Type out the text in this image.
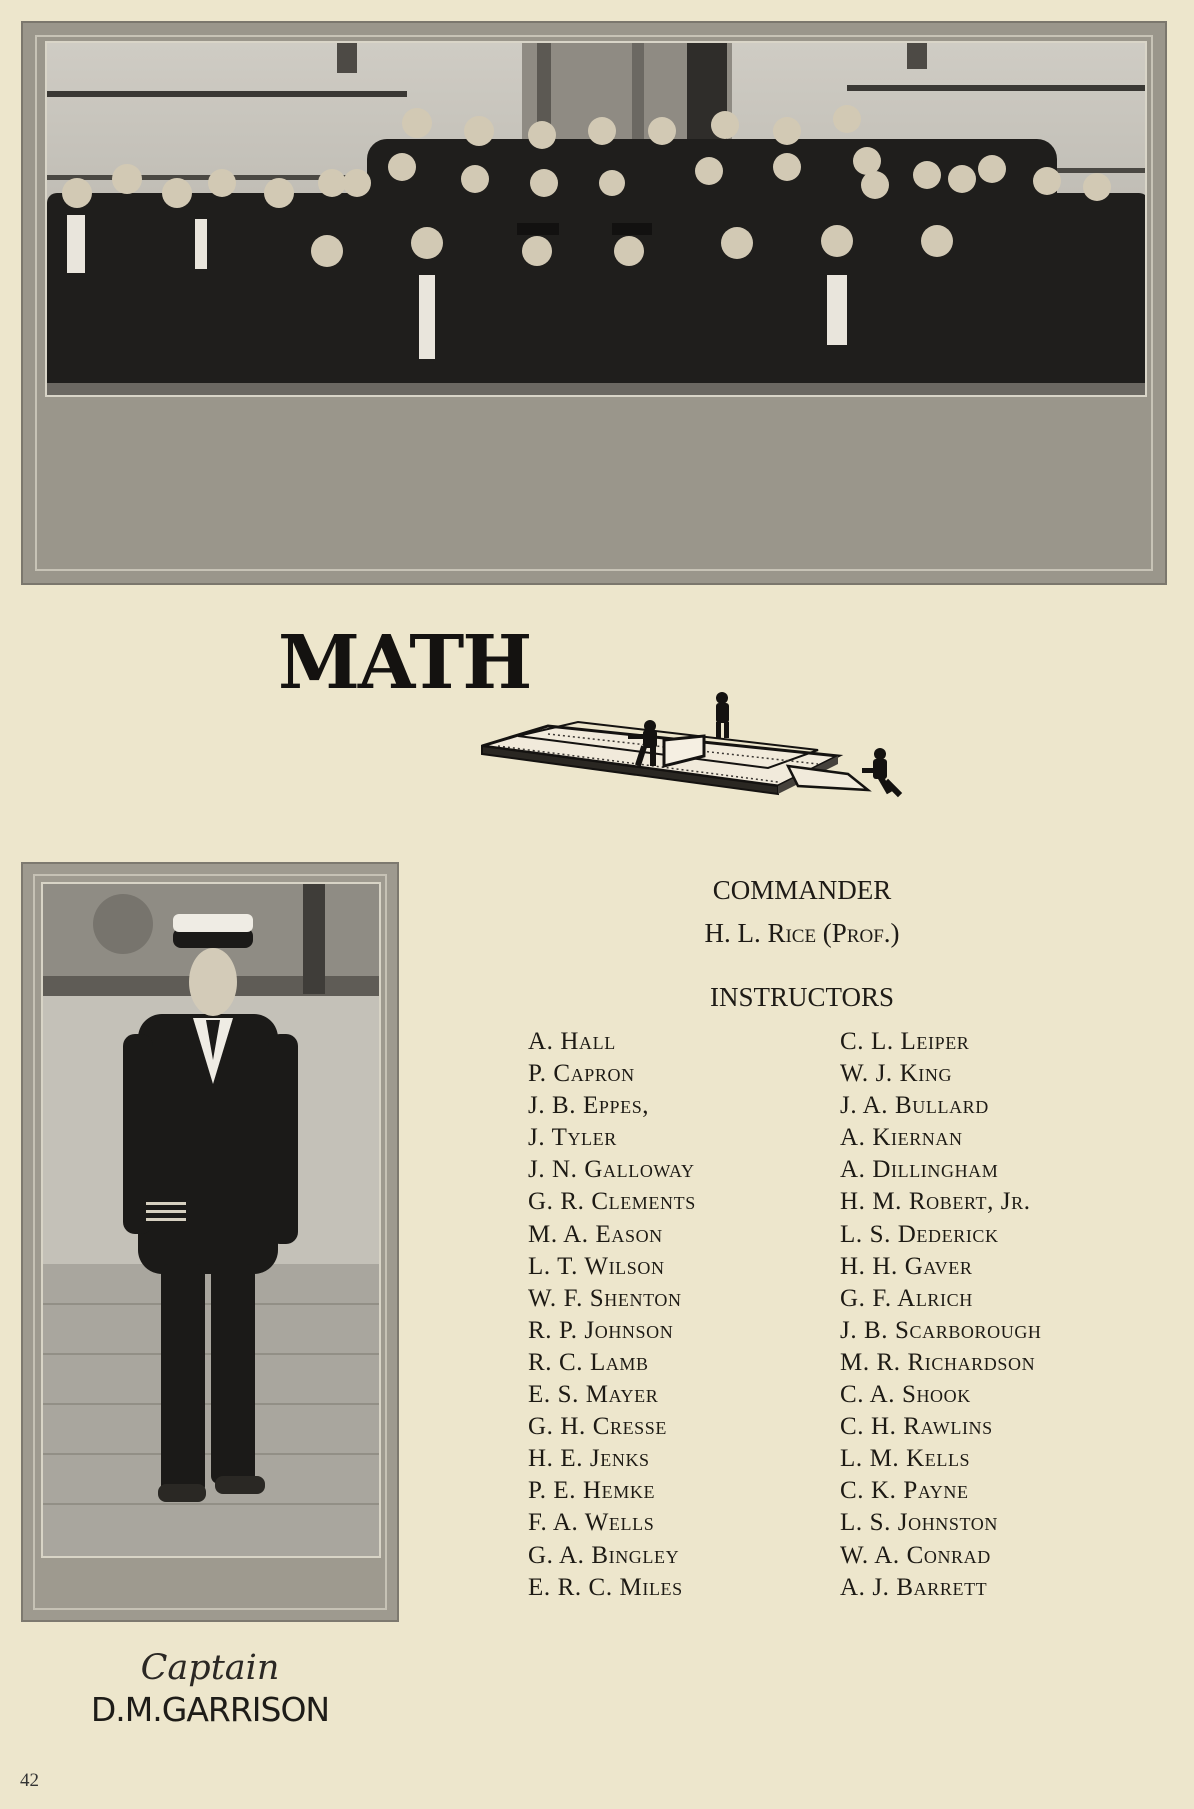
MATH
Captain
D.M.GARRISON
COMMANDER
H. L. Rice (Prof.)
INSTRUCTORS
A. Hall
P. Capron
J. B. Eppes,
J. Tyler
J. N. Galloway
G. R. Clements
M. A. Eason
L. T. Wilson
W. F. Shenton
R. P. Johnson
R. C. Lamb
E. S. Mayer
G. H. Cresse
H. E. Jenks
P. E. Hemke
F. A. Wells
G. A. Bingley
E. R. C. Miles
C. L. Leiper
W. J. King
J. A. Bullard
A. Kiernan
A. Dillingham
H. M. Robert, Jr.
L. S. Dederick
H. H. Gaver
G. F. Alrich
J. B. Scarborough
M. R. Richardson
C. A. Shook
C. H. Rawlins
L. M. Kells
C. K. Payne
L. S. Johnston
W. A. Conrad
A. J. Barrett
42
